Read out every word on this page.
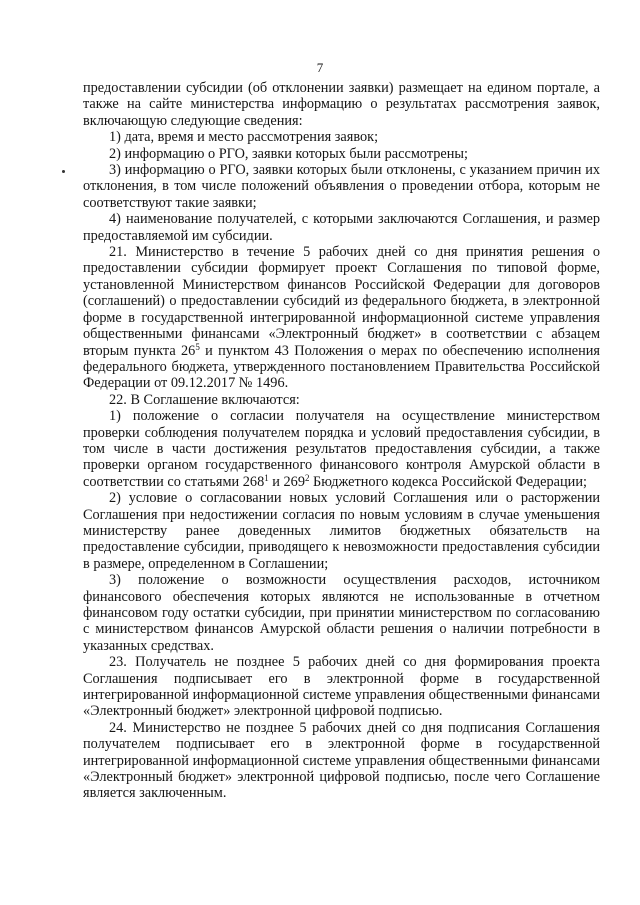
7

предоставлении субсидии (об отклонении заявки) размещает на едином портале, а также на сайте министерства информацию о результатах рассмотрения заявок, включающую следующие сведения:

1) дата, время и место рассмотрения заявок;

2) информацию о РГО, заявки которых были рассмотрены;

3) информацию о РГО, заявки которых были отклонены, с указанием причин их отклонения, в том числе положений объявления о проведении отбора, которым не соответствуют такие заявки;

4) наименование получателей, с которыми заключаются Соглашения, и размер предоставляемой им субсидии.

21. Министерство в течение 5 рабочих дней со дня принятия решения о предоставлении субсидии формирует проект Соглашения по типовой форме, установленной Министерством финансов Российской Федерации для договоров (соглашений) о предоставлении субсидий из федерального бюджета, в электронной форме в государственной интегрированной информационной системе управления общественными финансами «Электронный бюджет» в соответствии с абзацем вторым пункта $26^5$ и пунктом 43 Положения о мерах по обеспечению исполнения федерального бюджета, утвержденного постановлением Правительства Российской Федерации от 09.12.2017 № 1496.

22. В Соглашение включаются:

1) положение о согласии получателя на осуществление министерством проверки соблюдения получателем порядка и условий предоставления субсидии, в том числе в части достижения результатов предоставления субсидии, а также проверки органом государственного финансового контроля Амурской области в соответствии со статьями $268^1$ и $269^2$ Бюджетного кодекса Российской Федерации;

2) условие о согласовании новых условий Соглашения или о расторжении Соглашения при недостижении согласия по новым условиям в случае уменьшения министерству ранее доведенных лимитов бюджетных обязательств на предоставление субсидии, приводящего к невозможности предоставления субсидии в размере, определенном в Соглашении;

3) положение о возможности осуществления расходов, источником финансового обеспечения которых являются не использованные в отчетном финансовом году остатки субсидии, при принятии министерством по согласованию с министерством финансов Амурской области решения о наличии потребности в указанных средствах.

23. Получатель не позднее 5 рабочих дней со дня формирования проекта Соглашения подписывает его в электронной форме в государственной интегрированной информационной системе управления общественными финансами «Электронный бюджет» электронной цифровой подписью.

24. Министерство не позднее 5 рабочих дней со дня подписания Соглашения получателем подписывает его в электронной форме в государственной интегрированной информационной системе управления общественными финансами «Электронный бюджет» электронной цифровой подписью, после чего Соглашение является заключенным.
